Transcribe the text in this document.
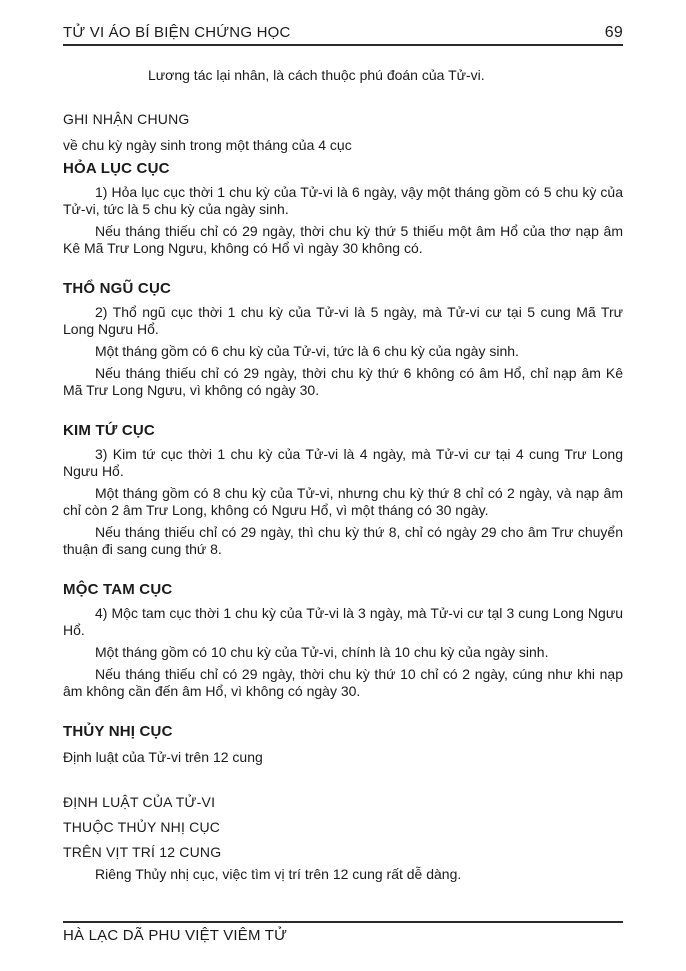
TỬ VI ÁO BÍ BIỆN CHỨNG HỌC	69

Lương tác lại nhân, là cách thuộc phú đoán của Tử-vi.

GHI NHẬN CHUNG

về chu kỳ ngày sinh trong một tháng của 4 cục

HỎA LỤC CỤC

1) Hỏa lục cục thời 1 chu kỳ của Tử-vi là 6 ngày, vậy một tháng gồm có 5 chu kỳ của Tử-vi, tức là 5 chu kỳ của ngày sinh.

Nếu tháng thiếu chỉ có 29 ngày, thời chu kỳ thứ 5 thiếu một âm Hổ của thơ nạp âm Kê Mã Trư Long Ngưu, không có Hổ vì ngày 30 không có.

THỔ NGŨ CỤC

2) Thổ ngũ cục thời 1 chu kỳ của Tử-vi là 5 ngày, mà Tử-vi cư tại 5 cung Mã Trư Long Ngưu Hổ.

Một tháng gồm có 6 chu kỳ của Tử-vi, tức là 6 chu kỳ của ngày sinh.

Nếu tháng thiếu chỉ có 29 ngày, thời chu kỳ thứ 6 không có âm Hổ, chỉ nạp âm Kê Mã Trư Long Ngưu, vì không có ngày 30.

KIM TỨ CỤC

3) Kim tứ cục thời 1 chu kỳ của Tử-vi là 4 ngày, mà Tử-vi cư tại 4 cung Trư Long Ngưu Hổ.

Một tháng gồm có 8 chu kỳ của Tử-vi, nhưng chu kỳ thứ 8 chỉ có 2 ngày, và nạp âm chỉ còn 2 âm Trư Long, không có Ngưu Hổ, vì một tháng có 30 ngày.

Nếu tháng thiếu chỉ có 29 ngày, thì chu kỳ thứ 8, chỉ có ngày 29 cho âm Trư chuyển thuận đi sang cung thứ 8.

MỘC TAM CỤC

4) Mộc tam cục thời 1 chu kỳ của Tử-vi là 3 ngày, mà Tử-vi cư tạl 3 cung Long Ngưu Hổ.

Một tháng gồm có 10 chu kỳ của Tử-vi, chính là 10 chu kỳ của ngày sinh.

Nếu tháng thiếu chỉ có 29 ngày, thời chu kỳ thứ 10 chỉ có 2 ngày, cúng như khi nạp âm không cần đến âm Hổ, vì không có ngày 30.

THỦY NHỊ CỤC

Định luật của Tử-vi trên 12 cung

ĐỊNH LUẬT CỦA TỬ-VI

THUỘC THỦY NHỊ CỤC

TRÊN VỊT TRÍ 12 CUNG

Riêng Thủy nhị cục, việc tìm vị trí trên 12 cung rất dễ dàng.

HÀ LẠC DÃ PHU VIỆT VIÊM TỬ
